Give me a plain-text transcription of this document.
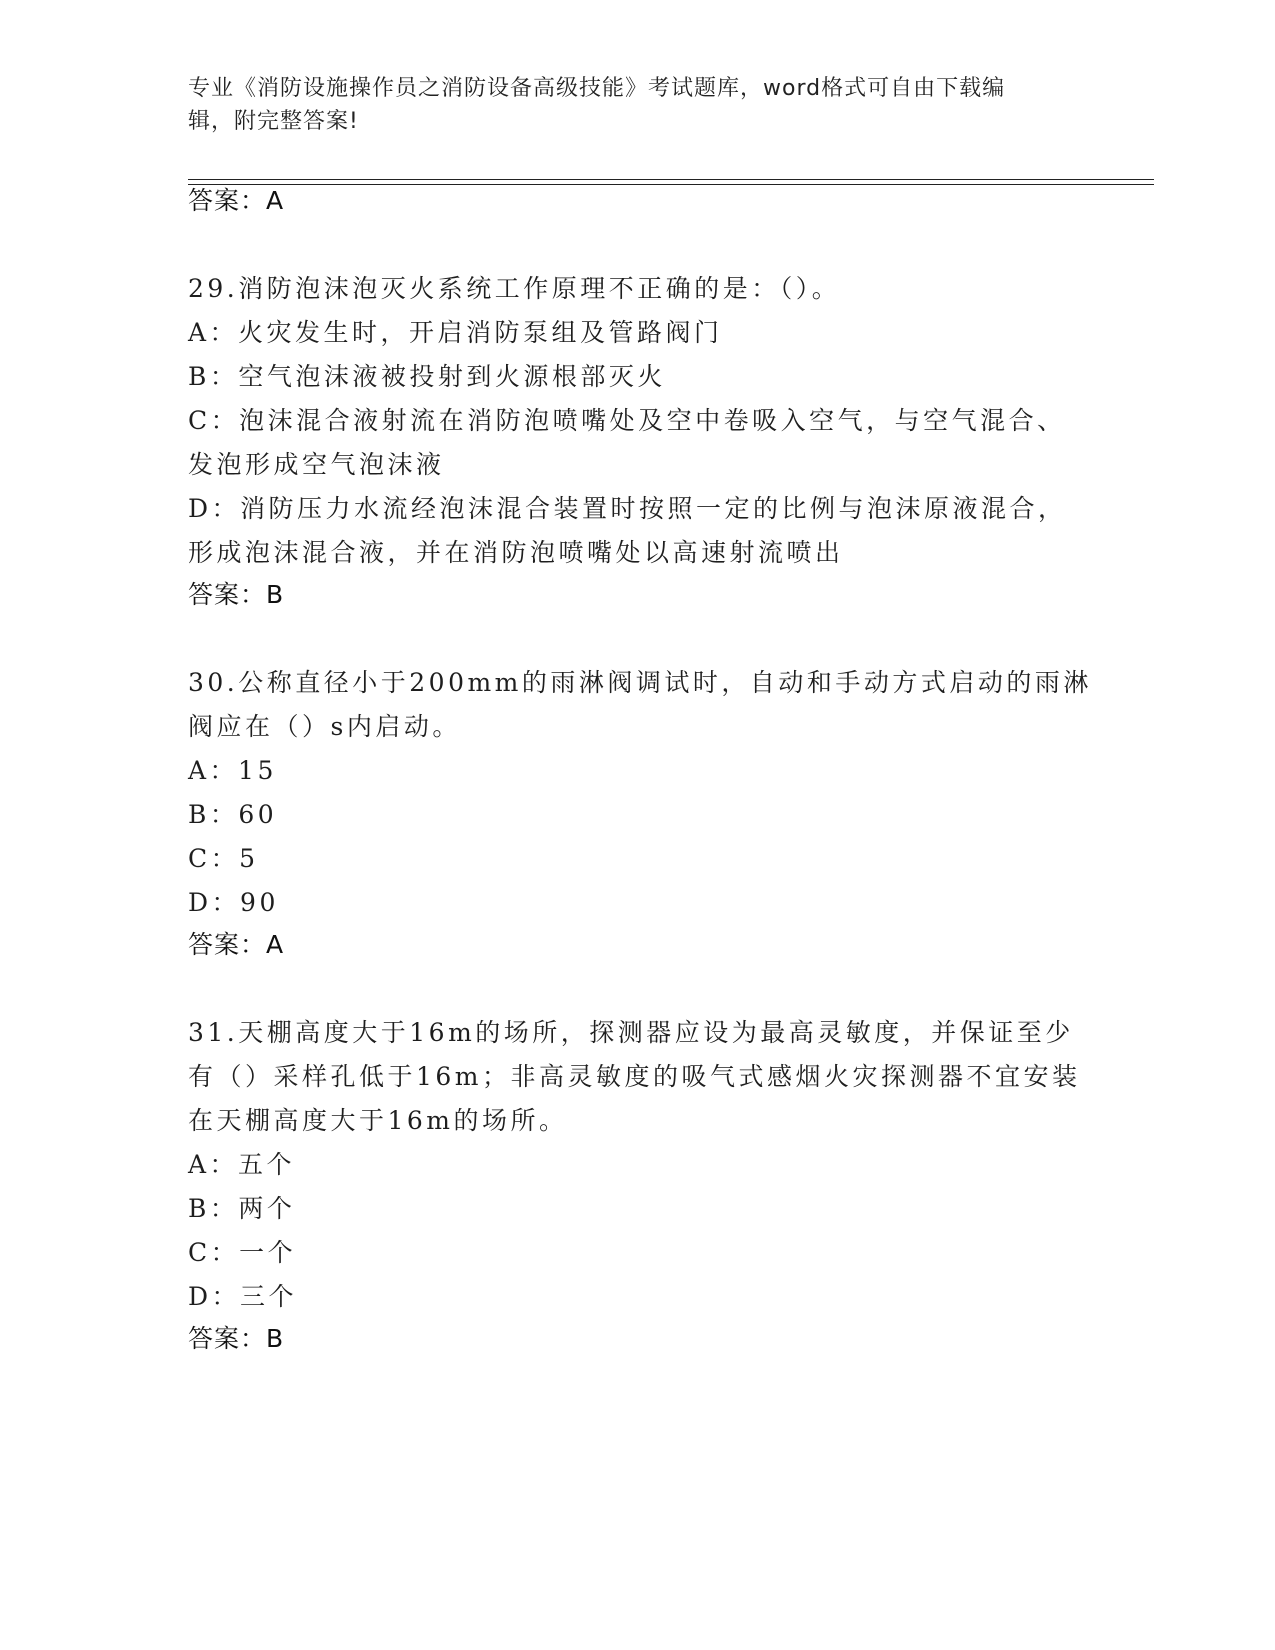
专业《消防设施操作员之消防设备高级技能》考试题库，word格式可自由下载编
辑，附完整答案!
答案：A
29.消防泡沫泡灭火系统工作原理不正确的是：（）。
A：火灾发生时，开启消防泵组及管路阀门
B：空气泡沫液被投射到火源根部灭火
C：泡沫混合液射流在消防泡喷嘴处及空中卷吸入空气，与空气混合、
发泡形成空气泡沫液
D：消防压力水流经泡沫混合装置时按照一定的比例与泡沫原液混合，
形成泡沫混合液，并在消防泡喷嘴处以高速射流喷出
答案：B
30.公称直径小于200mm的雨淋阀调试时，自动和手动方式启动的雨淋
阀应在（）s内启动。
A：15
B：60
C：5
D：90
答案：A
31.天棚高度大于16m的场所，探测器应设为最高灵敏度，并保证至少
有（）采样孔低于16m；非高灵敏度的吸气式感烟火灾探测器不宜安装
在天棚高度大于16m的场所。
A：五个
B：两个
C：一个
D：三个
答案：B
